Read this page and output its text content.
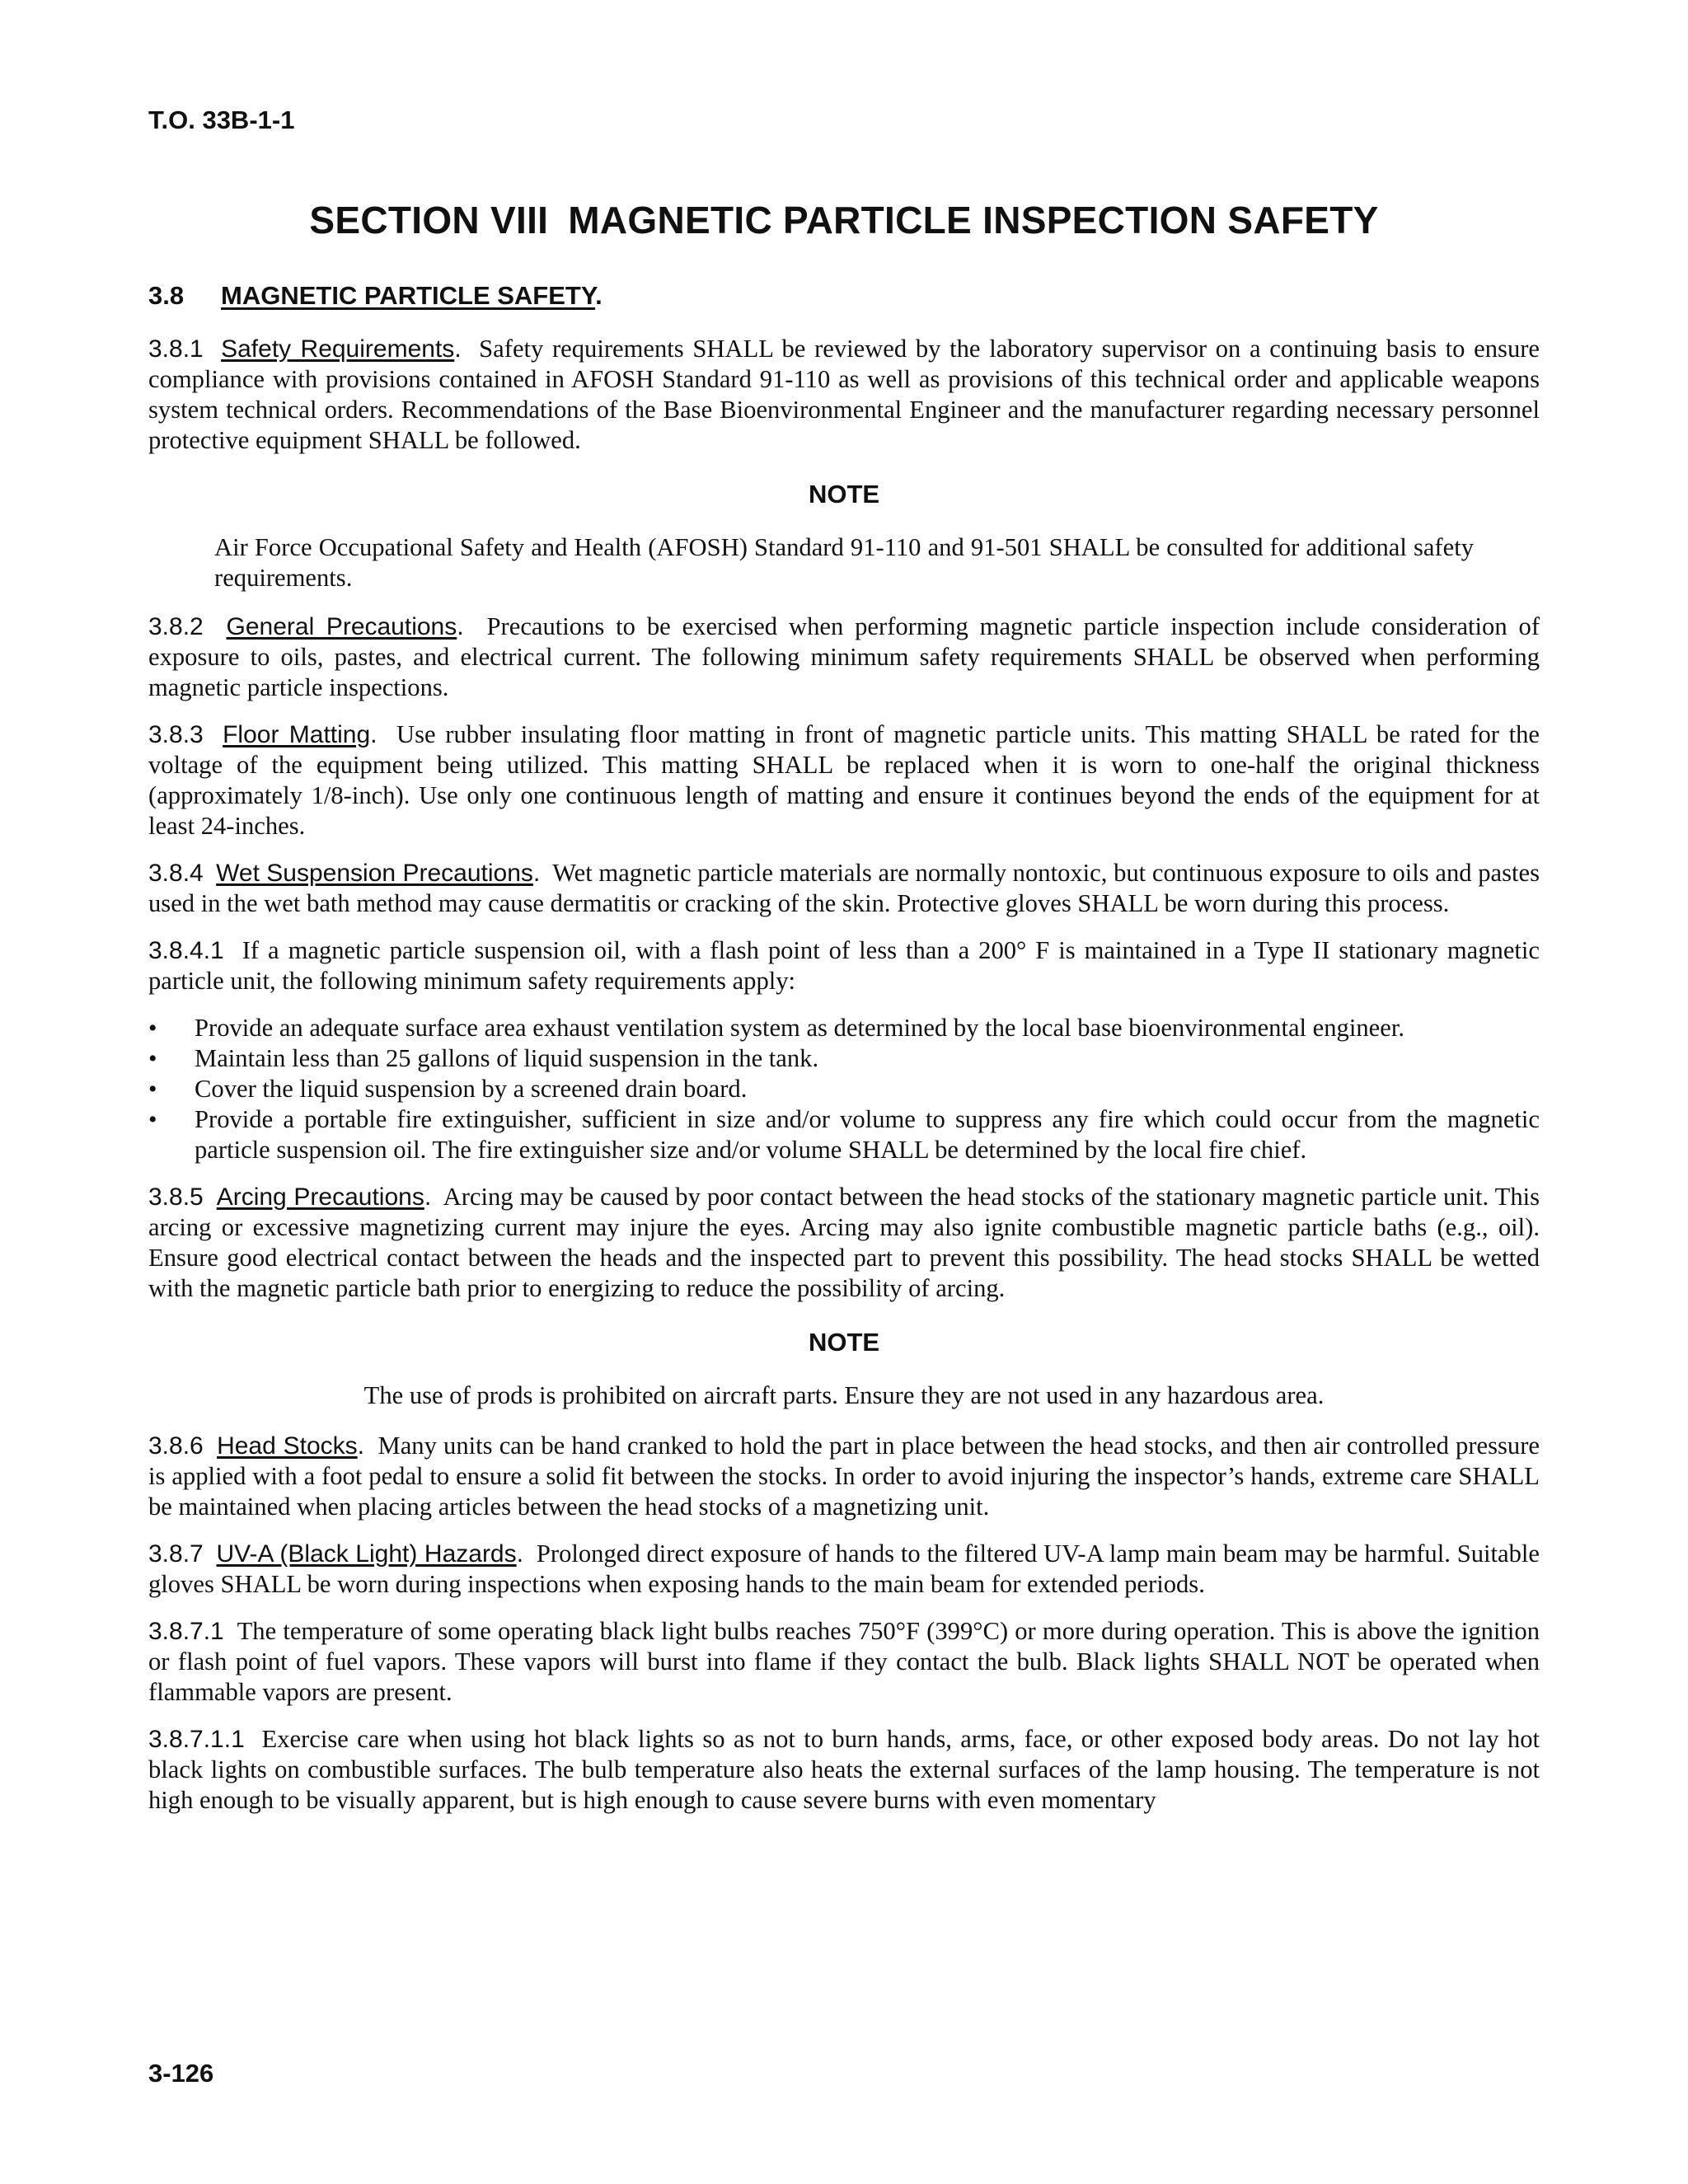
T.O. 33B-1-1
SECTION VIII MAGNETIC PARTICLE INSPECTION SAFETY
3.8 MAGNETIC PARTICLE SAFETY.

3.8.1 Safety Requirements. Safety requirements SHALL be reviewed by the laboratory supervisor on a continuing basis to ensure compliance with provisions contained in AFOSH Standard 91-110 as well as provisions of this technical order and applicable weapons system technical orders. Recommendations of the Base Bioenvironmental Engineer and the manufacturer regarding necessary personnel protective equipment SHALL be followed.

NOTE

Air Force Occupational Safety and Health (AFOSH) Standard 91-110 and 91-501 SHALL be consulted for additional safety requirements.

3.8.2 General Precautions. Precautions to be exercised when performing magnetic particle inspection include consideration of exposure to oils, pastes, and electrical current. The following minimum safety requirements SHALL be observed when performing magnetic particle inspections.

3.8.3 Floor Matting. Use rubber insulating floor matting in front of magnetic particle units. This matting SHALL be rated for the voltage of the equipment being utilized. This matting SHALL be replaced when it is worn to one-half the original thickness (approximately 1/8-inch). Use only one continuous length of matting and ensure it continues beyond the ends of the equipment for at least 24-inches.

3.8.4 Wet Suspension Precautions. Wet magnetic particle materials are normally nontoxic, but continuous exposure to oils and pastes used in the wet bath method may cause dermatitis or cracking of the skin. Protective gloves SHALL be worn during this process.

3.8.4.1 If a magnetic particle suspension oil, with a flash point of less than a 200° F is maintained in a Type II stationary magnetic particle unit, the following minimum safety requirements apply:

• Provide an adequate surface area exhaust ventilation system as determined by the local base bioenvironmental engineer.
• Maintain less than 25 gallons of liquid suspension in the tank.
• Cover the liquid suspension by a screened drain board.
• Provide a portable fire extinguisher, sufficient in size and/or volume to suppress any fire which could occur from the magnetic particle suspension oil. The fire extinguisher size and/or volume SHALL be determined by the local fire chief.

3.8.5 Arcing Precautions. Arcing may be caused by poor contact between the head stocks of the stationary magnetic particle unit. This arcing or excessive magnetizing current may injure the eyes. Arcing may also ignite combustible magnetic particle baths (e.g., oil). Ensure good electrical contact between the heads and the inspected part to prevent this possibility. The head stocks SHALL be wetted with the magnetic particle bath prior to energizing to reduce the possibility of arcing.

NOTE

The use of prods is prohibited on aircraft parts. Ensure they are not used in any hazardous area.

3.8.6 Head Stocks. Many units can be hand cranked to hold the part in place between the head stocks, and then air controlled pressure is applied with a foot pedal to ensure a solid fit between the stocks. In order to avoid injuring the inspector’s hands, extreme care SHALL be maintained when placing articles between the head stocks of a magnetizing unit.

3.8.7 UV-A (Black Light) Hazards. Prolonged direct exposure of hands to the filtered UV-A lamp main beam may be harmful. Suitable gloves SHALL be worn during inspections when exposing hands to the main beam for extended periods.

3.8.7.1 The temperature of some operating black light bulbs reaches 750°F (399°C) or more during operation. This is above the ignition or flash point of fuel vapors. These vapors will burst into flame if they contact the bulb. Black lights SHALL NOT be operated when flammable vapors are present.

3.8.7.1.1 Exercise care when using hot black lights so as not to burn hands, arms, face, or other exposed body areas. Do not lay hot black lights on combustible surfaces. The bulb temperature also heats the external surfaces of the lamp housing. The temperature is not high enough to be visually apparent, but is high enough to cause severe burns with even momentary

3-126
